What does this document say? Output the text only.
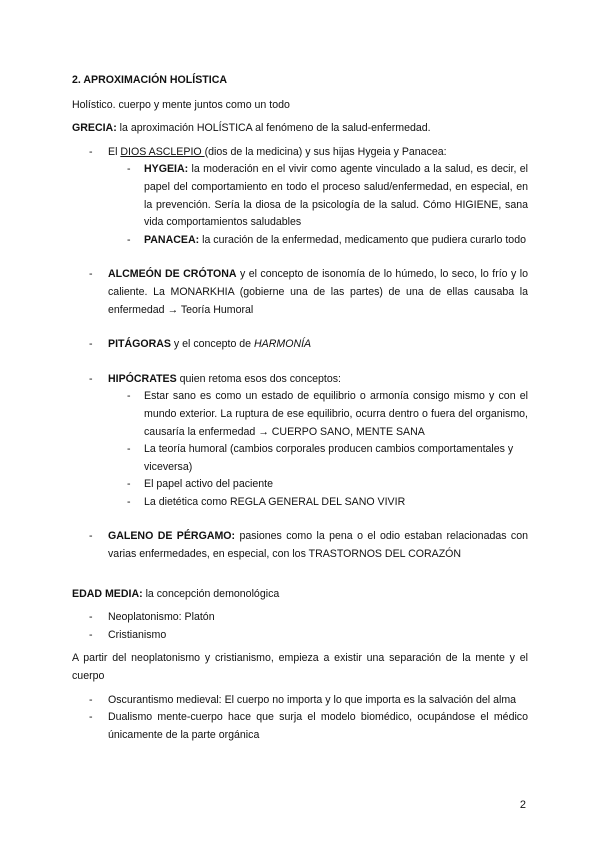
2. APROXIMACIÓN HOLÍSTICA

Holístico. cuerpo y mente juntos como un todo

GRECIA: la aproximación HOLÍSTICA al fenómeno de la salud-enfermedad.

- El DIOS ASCLEPIO (dios de la medicina) y sus hijas Hygeia y Panacea:
- HYGEIA: la moderación en el vivir como agente vinculado a la salud, es decir, el papel del comportamiento en todo el proceso salud/enfermedad, en especial, en la prevención. Sería la diosa de la psicología de la salud. Cómo HIGIENE, sana vida comportamientos saludables
- PANACEA: la curación de la enfermedad, medicamento que pudiera curarlo todo
- ALCMEÓN DE CRÓTONA y el concepto de isonomía de lo húmedo, lo seco, lo frío y lo caliente. La MONARKHIA (gobierne una de las partes) de una de ellas causaba la enfermedad → Teoría Humoral
- PITÁGORAS y el concepto de HARMONÍA
- HIPÓCRATES quien retoma esos dos conceptos:
- Estar sano es como un estado de equilibrio o armonía consigo mismo y con el mundo exterior. La ruptura de ese equilibrio, ocurra dentro o fuera del organismo, causaría la enfermedad → CUERPO SANO, MENTE SANA
- La teoría humoral (cambios corporales producen cambios comportamentales y viceversa)
- El papel activo del paciente
- La dietética como REGLA GENERAL DEL SANO VIVIR
- GALENO DE PÉRGAMO: pasiones como la pena o el odio estaban relacionadas con varias enfermedades, en especial, con los TRASTORNOS DEL CORAZÓN

EDAD MEDIA: la concepción demonológica

- Neoplatonismo: Platón
- Cristianismo

A partir del neoplatonismo y cristianismo, empieza a existir una separación de la mente y el cuerpo

- Oscurantismo medieval: El cuerpo no importa y lo que importa es la salvación del alma
- Dualismo mente-cuerpo hace que surja el modelo biomédico, ocupándose el médico únicamente de la parte orgánica
2
